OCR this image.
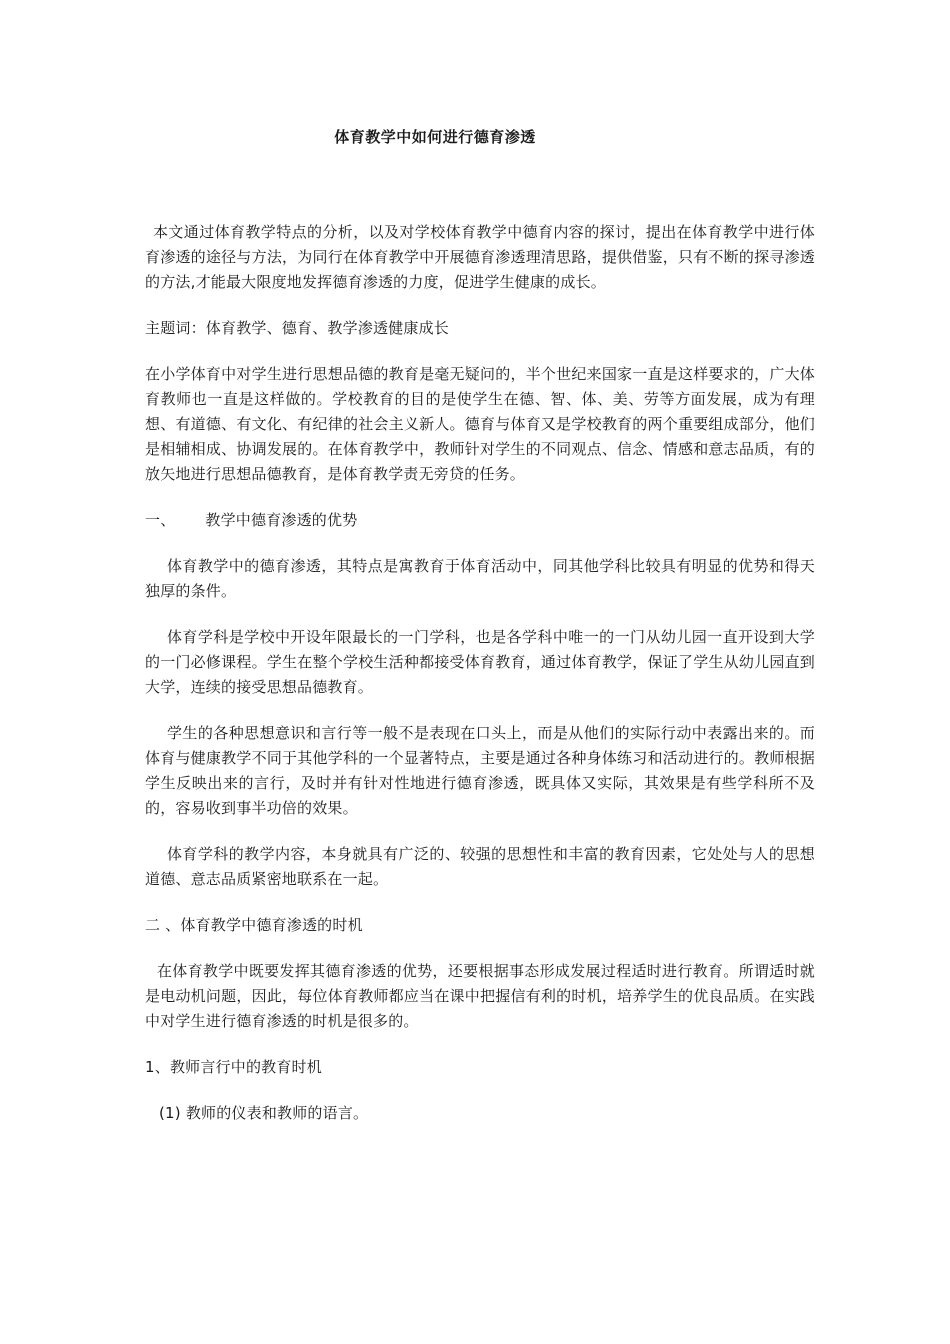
体育教学中如何进行德育渗透

本文通过体育教学特点的分析，以及对学校体育教学中德育内容的探讨，提出在体育教学中进行体育渗透的途径与方法，为同行在体育教学中开展德育渗透理清思路，提供借鉴，只有不断的探寻渗透的方法,才能最大限度地发挥德育渗透的力度，促进学生健康的成长。

主题词：体育教学、德育、教学渗透健康成长

在小学体育中对学生进行思想品德的教育是毫无疑问的，半个世纪来国家一直是这样要求的，广大体育教师也一直是这样做的。学校教育的目的是使学生在德、智、体、美、劳等方面发展，成为有理想、有道德、有文化、有纪律的社会主义新人。德育与体育又是学校教育的两个重要组成部分，他们是相辅相成、协调发展的。在体育教学中，教师针对学生的不同观点、信念、情感和意志品质，有的放矢地进行思想品德教育，是体育教学责无旁贷的任务。

一、 教学中德育渗透的优势

体育教学中的德育渗透，其特点是寓教育于体育活动中，同其他学科比较具有明显的优势和得天独厚的条件。

体育学科是学校中开设年限最长的一门学科，也是各学科中唯一的一门从幼儿园一直开设到大学的一门必修课程。学生在整个学校生活种都接受体育教育，通过体育教学，保证了学生从幼儿园直到大学，连续的接受思想品德教育。

学生的各种思想意识和言行等一般不是表现在口头上，而是从他们的实际行动中表露出来的。而体育与健康教学不同于其他学科的一个显著特点，主要是通过各种身体练习和活动进行的。教师根据学生反映出来的言行，及时并有针对性地进行德育渗透，既具体又实际，其效果是有些学科所不及的，容易收到事半功倍的效果。

体育学科的教学内容，本身就具有广泛的、较强的思想性和丰富的教育因素，它处处与人的思想道德、意志品质紧密地联系在一起。

二 、体育教学中德育渗透的时机

在体育教学中既要发挥其德育渗透的优势，还要根据事态形成发展过程适时进行教育。所谓适时就是电动机问题，因此，每位体育教师都应当在课中把握信有利的时机，培养学生的优良品质。在实践中对学生进行德育渗透的时机是很多的。

1、教师言行中的教育时机

(1) 教师的仪表和教师的语言。
